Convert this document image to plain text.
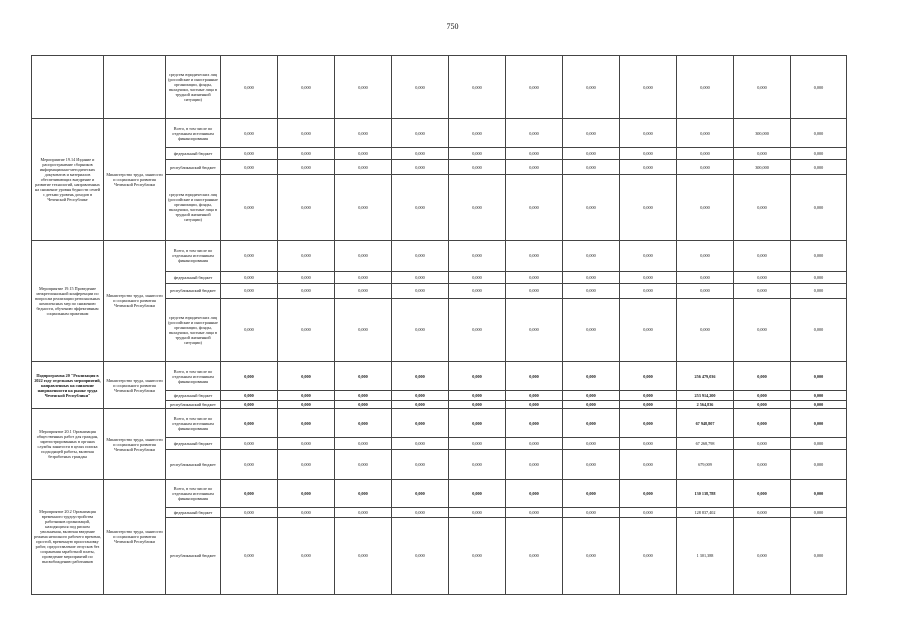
750
		средства юридических лиц (российские и иностранные организации, фонды, вкладчики, частные лица в трудной жизненной ситуации)	0,000	0,000	0,000	0,000	0,000	0,000	0,000	0,000	0,000	0,000	0,000
Мероприятие 19.14 Издание и распространение сборников информационно-методических документов и материалов обеспечивающих внедрение и развитие технологий, направленных на снижение уровня бедности семей с детьми уровень доходов в Чеченской Республике	Министерство труда, занятости и социального развития Чеченской Республики	Всего, в том числе по отдельным источникам финансирования	0,000	0,000	0,000	0,000	0,000	0,000	0,000	0,000	0,000	300,000	0,000
		федеральный бюджет	0,000	0,000	0,000	0,000	0,000	0,000	0,000	0,000	0,000	0,000	0,000
		республиканский бюджет	0,000	0,000	0,000	0,000	0,000	0,000	0,000	0,000	0,000	300,000	0,000
		средства юридических лиц (российские и иностранные организации, фонды, вкладчики, частные лица в трудной жизненной ситуации)	0,000	0,000	0,000	0,000	0,000	0,000	0,000	0,000	0,000	0,000	0,000
Мероприятие 19.15 Проведение межрегиональной конференции по вопросам реализации региональных комплексных мер по снижению бедности, обучению эффективным социальным практикам	Министерство труда, занятости и социального развития Чеченской Республики	Всего, в том числе по отдельным источникам финансирования	0,000	0,000	0,000	0,000	0,000	0,000	0,000	0,000	0,000	0,000	0,000
		федеральный бюджет	0,000	0,000	0,000	0,000	0,000	0,000	0,000	0,000	0,000	0,000	0,000
		республиканский бюджет	0,000	0,000	0,000	0,000	0,000	0,000	0,000	0,000	0,000	0,000	0,000
		средства юридических лиц (российские и иностранные организации, фонды, вкладчики, частные лица в трудной жизненной ситуации)	0,000	0,000	0,000	0,000	0,000	0,000	0,000	0,000	0,000	0,000	0,000
Подпрограмма 20 "Реализация в 2022 году отдельных мероприятий, направленных на снижение напряженности на рынке труда Чеченской Республики"	Министерство труда, занятости и социального развития Чеченской Республики	Всего, в том числе по отдельным источникам финансирования	0,000	0,000	0,000	0,000	0,000	0,000	0,000	0,000	256 479,036	0,000	0,000
		федеральный бюджет	0,000	0,000	0,000	0,000	0,000	0,000	0,000	0,000	253 914,200	0,000	0,000
		республиканский бюджет	0,000	0,000	0,000	0,000	0,000	0,000	0,000	0,000	2 564,836	0,000	0,000
Мероприятие 20.1 Организация общественных работ для граждан, зарегистрированных в органах службы занятости в целях поиска подходящей работы, включая безработных граждан	Министерство труда, занятости и социального развития Чеченской Республики	Всего, в том числе по отдельным источникам финансирования	0,000	0,000	0,000	0,000	0,000	0,000	0,000	0,000	67 948,807	0,000	0,000
		федеральный бюджет	0,000	0,000	0,000	0,000	0,000	0,000	0,000	0,000	67 268,798	0,000	0,000
		республиканский бюджет	0,000	0,000	0,000	0,000	0,000	0,000	0,000	0,000	679,009	0,000	0,000
Мероприятие 20.2 Организация временного трудоустройства работников организаций, находящихся под риском увольнения, включая введение режима неполного рабочего времени, простой, временную приостановку работ, предоставление отпусков без сохранения заработной платы, проведение мероприятий по высвобождению работников	Министерство труда, занятости и социального развития Чеченской Республики	Всего, в том числе по отдельным источникам финансирования	0,000	0,000	0,000	0,000	0,000	0,000	0,000	0,000	130 138,788	0,000	0,000
		федеральный бюджет	0,000	0,000	0,000	0,000	0,000	0,000	0,000	0,000	128 837,402	0,000	0,000
		республиканский бюджет	0,000	0,000	0,000	0,000	0,000	0,000	0,000	0,000	1 301,388	0,000	0,000
